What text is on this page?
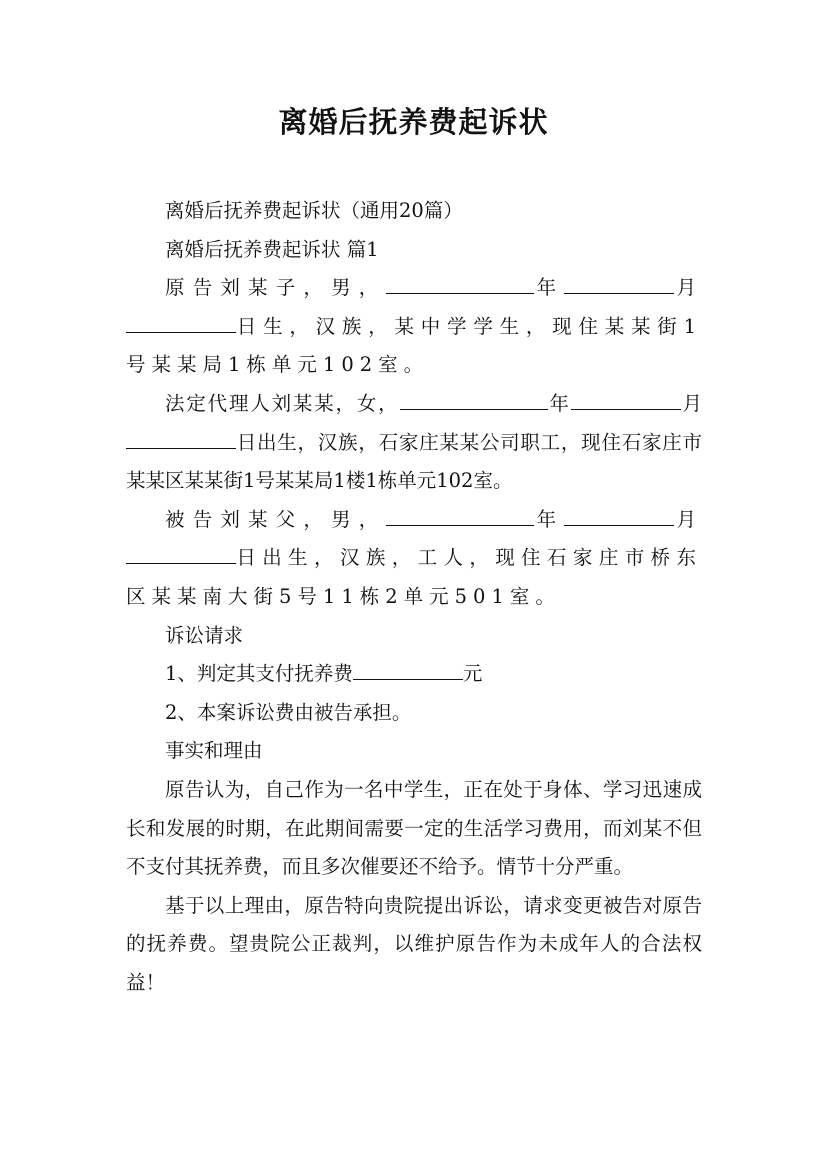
离婚后抚养费起诉状

离婚后抚养费起诉状（通用20篇）

离婚后抚养费起诉状 篇1

原告刘某子，男，	年	月日生，汉族，某中学学生，现住某某街1号某某局1栋单元102室。

法定代理人刘某某，女，	年	月日出生，汉族，石家庄某某公司职工，现住石家庄市某某区某某街1号某某局1楼1栋单元102室。

被告刘某父，男，	年	月日出生，汉族，工人，现住石家庄市桥东区某某南大街5号11栋2单元501室。

诉讼请求

1、判定其支付抚养费	元

2、本案诉讼费由被告承担。

事实和理由

原告认为，自己作为一名中学生，正在处于身体、学习迅速成长和发展的时期，在此期间需要一定的生活学习费用，而刘某不但不支付其抚养费，而且多次催要还不给予。情节十分严重。

基于以上理由，原告特向贵院提出诉讼，请求变更被告对原告的抚养费。望贵院公正裁判，以维护原告作为未成年人的合法权益！
